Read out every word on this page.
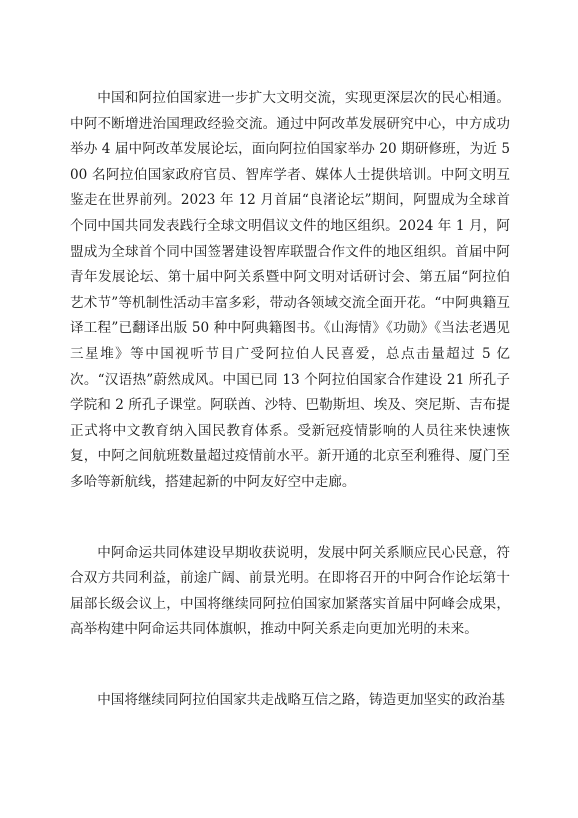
中国和阿拉伯国家进一步扩大文明交流，实现更深层次的民心相通。中阿不断增进治国理政经验交流。通过中阿改革发展研究中心，中方成功举办 4 届中阿改革发展论坛，面向阿拉伯国家举办 20 期研修班，为近 500 名阿拉伯国家政府官员、智库学者、媒体人士提供培训。中阿文明互鉴走在世界前列。2023 年 12 月首届“良渚论坛”期间，阿盟成为全球首个同中国共同发表践行全球文明倡议文件的地区组织。2024 年 1 月，阿盟成为全球首个同中国签署建设智库联盟合作文件的地区组织。首届中阿青年发展论坛、第十届中阿关系暨中阿文明对话研讨会、第五届“阿拉伯艺术节”等机制性活动丰富多彩，带动各领域交流全面开花。“中阿典籍互译工程”已翻译出版 50 种中阿典籍图书。《山海情》《功勋》《当法老遇见三星堆》等中国视听节目广受阿拉伯人民喜爱，总点击量超过 5 亿次。“汉语热”蔚然成风。中国已同 13 个阿拉伯国家合作建设 21 所孔子学院和 2 所孔子课堂。阿联酋、沙特、巴勒斯坦、埃及、突尼斯、吉布提正式将中文教育纳入国民教育体系。受新冠疫情影响的人员往来快速恢复，中阿之间航班数量超过疫情前水平。新开通的北京至利雅得、厦门至多哈等新航线，搭建起新的中阿友好空中走廊。

中阿命运共同体建设早期收获说明，发展中阿关系顺应民心民意，符合双方共同利益，前途广阔、前景光明。在即将召开的中阿合作论坛第十届部长级会议上，中国将继续同阿拉伯国家加紧落实首届中阿峰会成果，高举构建中阿命运共同体旗帜，推动中阿关系走向更加光明的未来。

中国将继续同阿拉伯国家共走战略互信之路，铸造更加坚实的政治基
